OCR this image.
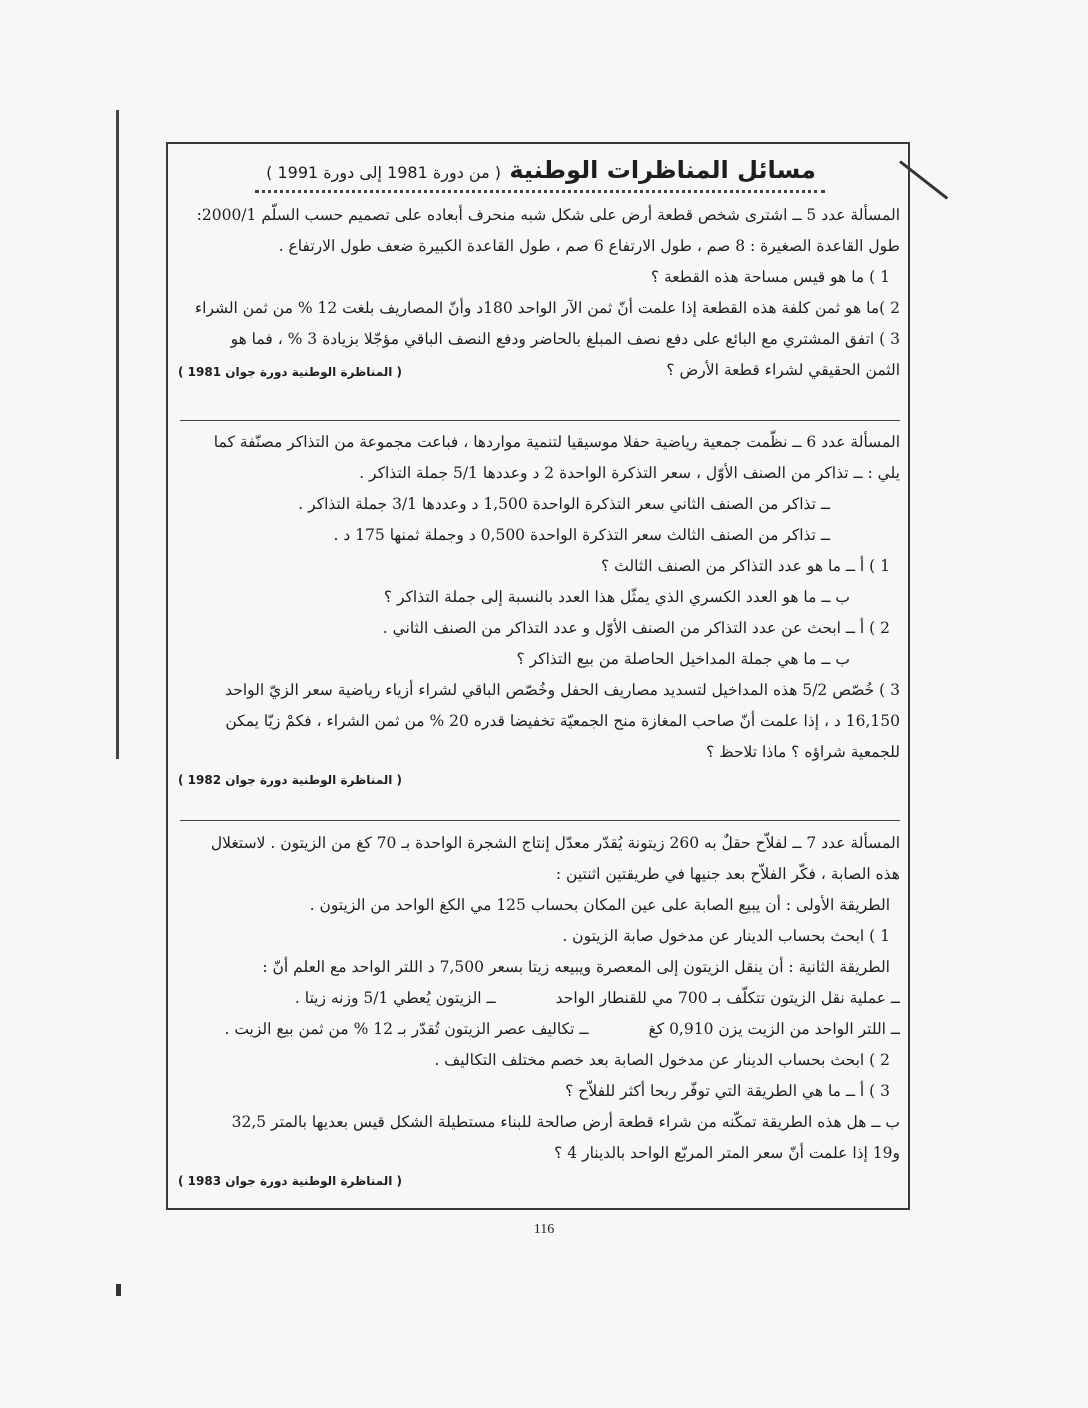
مسائل المناظرات الوطنية ( من دورة 1981 إلى دورة 1991 )
المسألة عدد 5 ــ اشترى شخص قطعة أرض على شكل شبه منحرف أبعاده على تصميم حسب السلّم 2000/1:
طول القاعدة الصغيرة : 8 صم ، طول الارتفاع 6 صم ، طول القاعدة الكبيرة ضعف طول الارتفاع .
1 ) ما هو قيس مساحة هذه القطعة ؟
2 )ما هو ثمن كلفة هذه القطعة إذا علمت أنّ ثمن الآر الواحد 180د وأنّ المصاريف بلغت 12 % من ثمن الشراء
3 ) اتفق المشتري مع البائع على دفع نصف المبلغ بالحاضر ودفع النصف الباقي مؤجّلا بزيادة 3 % ، فما هو
الثمن الحقيقي لشراء قطعة الأرض ؟
( المناظرة الوطنية دورة جوان 1981 )
المسألة عدد 6 ــ نظّمت جمعية رياضية حفلا موسيقيا لتنمية مواردها ، فباعت مجموعة من التذاكر مصنّفة كما
يلي : ــ تذاكر من الصنف الأوّل ، سعر التذكرة الواحدة 2 د وعددها 5/1 جملة التذاكر .
ــ تذاكر من الصنف الثاني سعر التذكرة الواحدة 1,500 د وعددها 3/1 جملة التذاكر .
ــ تذاكر من الصنف الثالث سعر التذكرة الواحدة 0,500 د وجملة ثمنها 175 د .
1 ) أ ــ ما هو عدد التذاكر من الصنف الثالث ؟
ب ــ ما هو العدد الكسري الذي يمثّل هذا العدد بالنسبة إلى جملة التذاكر ؟
2 ) أ ــ ابحث عن عدد التذاكر من الصنف الأوّل و عدد التذاكر من الصنف الثاني .
ب ــ ما هي جملة المداخيل الحاصلة من بيع التذاكر ؟
3 ) خُصّص 5/2 هذه المداخيل لتسديد مصاريف الحفل وخُصّص الباقي لشراء أزياء رياضية سعر الزيّ الواحد
16,150 د ، إذا علمت أنّ صاحب المغازة منح الجمعيّة تخفيضا قدره 20 % من ثمن الشراء ، فكمْ زيّا يمكن
للجمعية شراؤه ؟ ماذا تلاحظ ؟
( المناظرة الوطنية دورة جوان 1982 )
المسألة عدد 7 ــ لفلاّح حقلٌ به 260 زيتونة يُقدّر معدّل إنتاج الشجرة الواحدة بـ 70 كغ من الزيتون . لاستغلال
هذه الصابة ، فكّر الفلاّح بعد جنيها في طريقتين اثنتين :
الطريقة الأولى : أن يبيع الصابة على عين المكان بحساب 125 مي الكغ الواحد من الزيتون .
1 ) ابحث بحساب الدينار عن مدخول صابة الزيتون .
الطريقة الثانية : أن ينقل الزيتون إلى المعصرة ويبيعه زيتا بسعر 7,500 د اللتر الواحد مع العلم أنّ :
ــ عملية نقل الزيتون تتكلّف بـ 700 مي للقنطار الواحدــ الزيتون يُعطي 5/1 وزنه زيتا .
ــ اللتر الواحد من الزيت يزن 0,910 كغــ تكاليف عصر الزيتون تُقدّر بـ 12 % من ثمن بيع الزيت .
2 ) ابحث بحساب الدينار عن مدخول الصابة بعد خصم مختلف التكاليف .
3 ) أ ــ ما هي الطريقة التي توفّر ربحا أكثر للفلاّح ؟
ب ــ هل هذه الطريقة تمكّنه من شراء قطعة أرض صالحة للبناء مستطيلة الشكل قيس بعديها بالمتر 32,5
و19 إذا علمت أنّ سعر المتر المربّع الواحد بالدينار 4 ؟
( المناظرة الوطنية دورة جوان 1983 )
116
